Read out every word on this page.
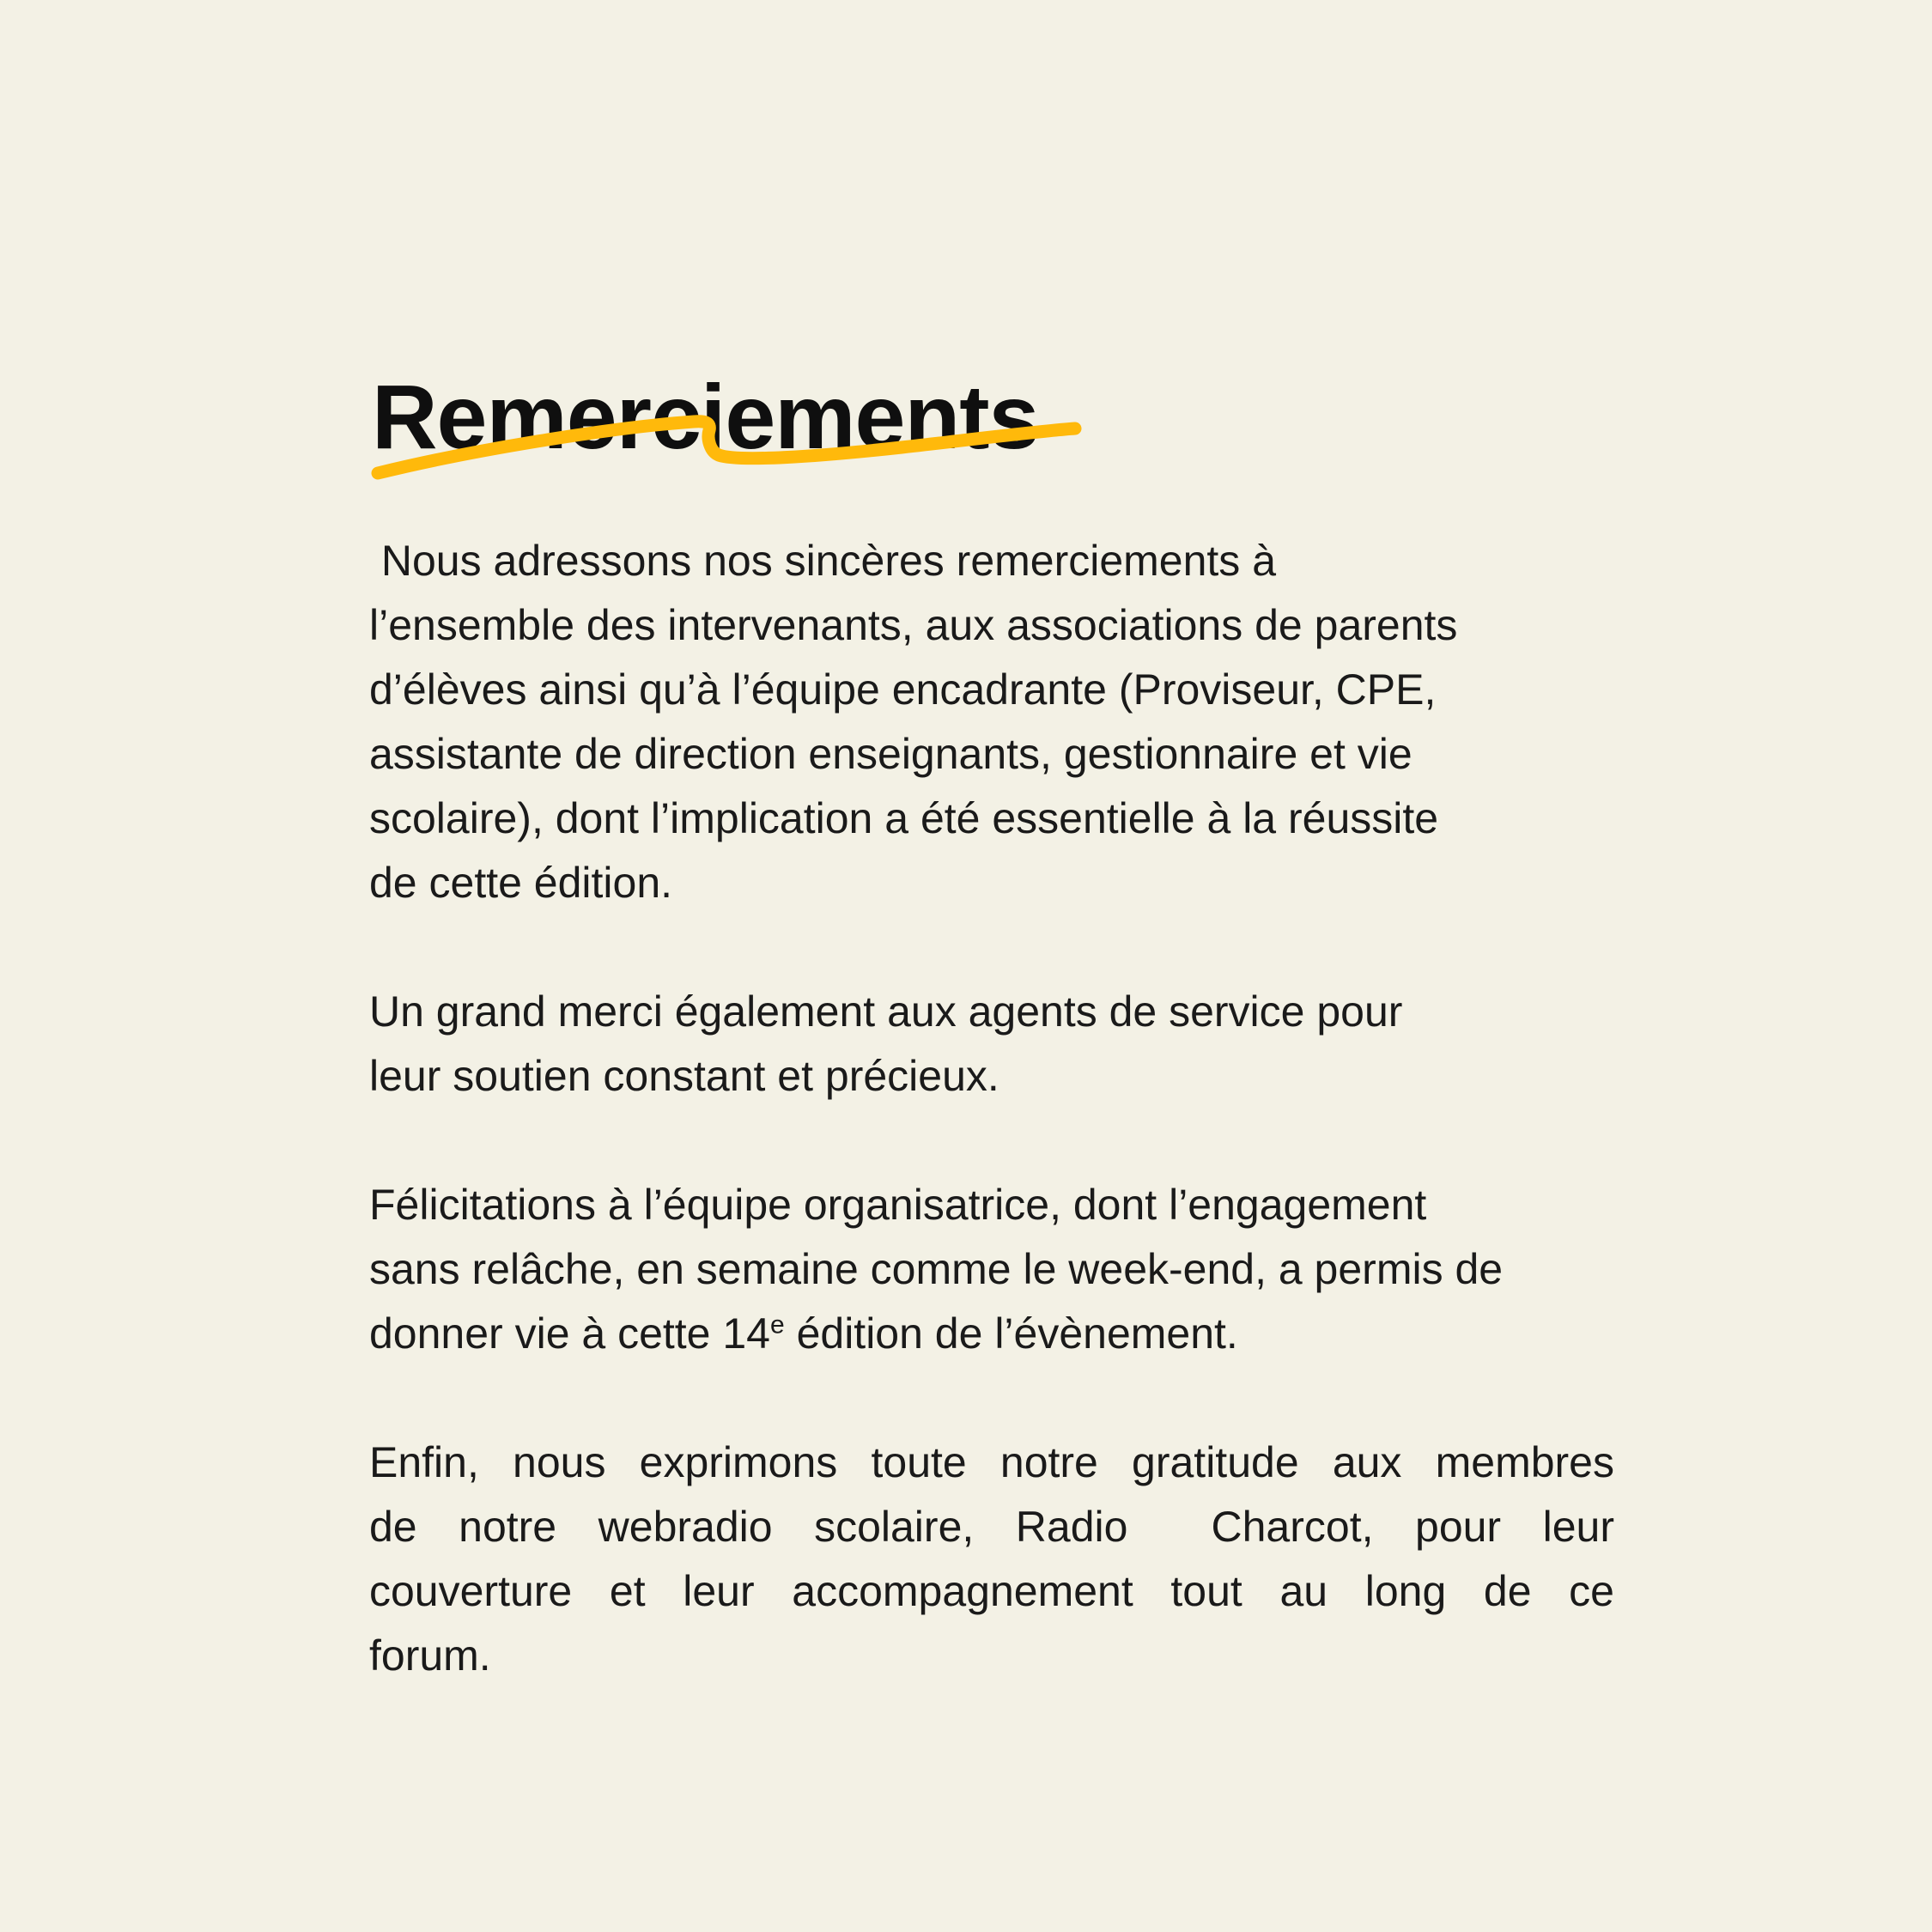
Remerciements
Nous adressons nos sincères remerciements à
l’ensemble des intervenants, aux associations de parents
d’élèves ainsi qu’à l’équipe encadrante (Proviseur, CPE,
assistante de direction enseignants, gestionnaire et vie
scolaire), dont l’implication a été essentielle à la réussite
de cette édition.
Un grand merci également aux agents de service pour
leur soutien constant et précieux.
Félicitations à l’équipe organisatrice, dont l’engagement
sans relâche, en semaine comme le week-end, a permis de
donner vie à cette 14e édition de l’évènement.
Enfin, nous exprimons toute notre gratitude aux membres
de notre webradio scolaire, Radio  Charcot, pour leur
couverture et leur accompagnement tout au long de ce
forum.
